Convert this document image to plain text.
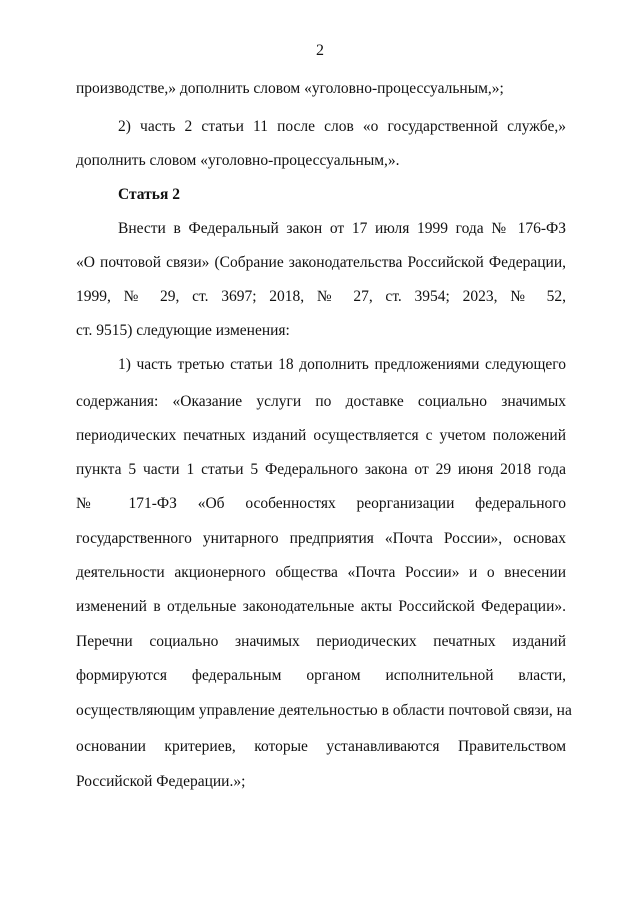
2
производстве,» дополнить словом «уголовно-процессуальным,»;
2) часть 2 статьи 11 после слов «о государственной службе,»
дополнить словом «уголовно-процессуальным,».
Статья 2
Внести в Федеральный закон от 17 июля 1999 года № 176-ФЗ
«О почтовой связи» (Собрание законодательства Российской Федерации,
1999, № 29, ст. 3697; 2018, № 27, ст. 3954; 2023, № 52,
ст. 9515) следующие изменения:
1) часть третью статьи 18 дополнить предложениями следующего
содержания: «Оказание услуги по доставке социально значимых
периодических печатных изданий осуществляется с учетом положений
пункта 5 части 1 статьи 5 Федерального закона от 29 июня 2018 года
№ 171-ФЗ «Об особенностях реорганизации федерального
государственного унитарного предприятия «Почта России», основах
деятельности акционерного общества «Почта России» и о внесении
изменений в отдельные законодательные акты Российской Федерации».
Перечни социально значимых периодических печатных изданий
формируются федеральным органом исполнительной власти,
осуществляющим управление деятельностью в области почтовой связи, на
основании критериев, которые устанавливаются Правительством
Российской Федерации.»;
